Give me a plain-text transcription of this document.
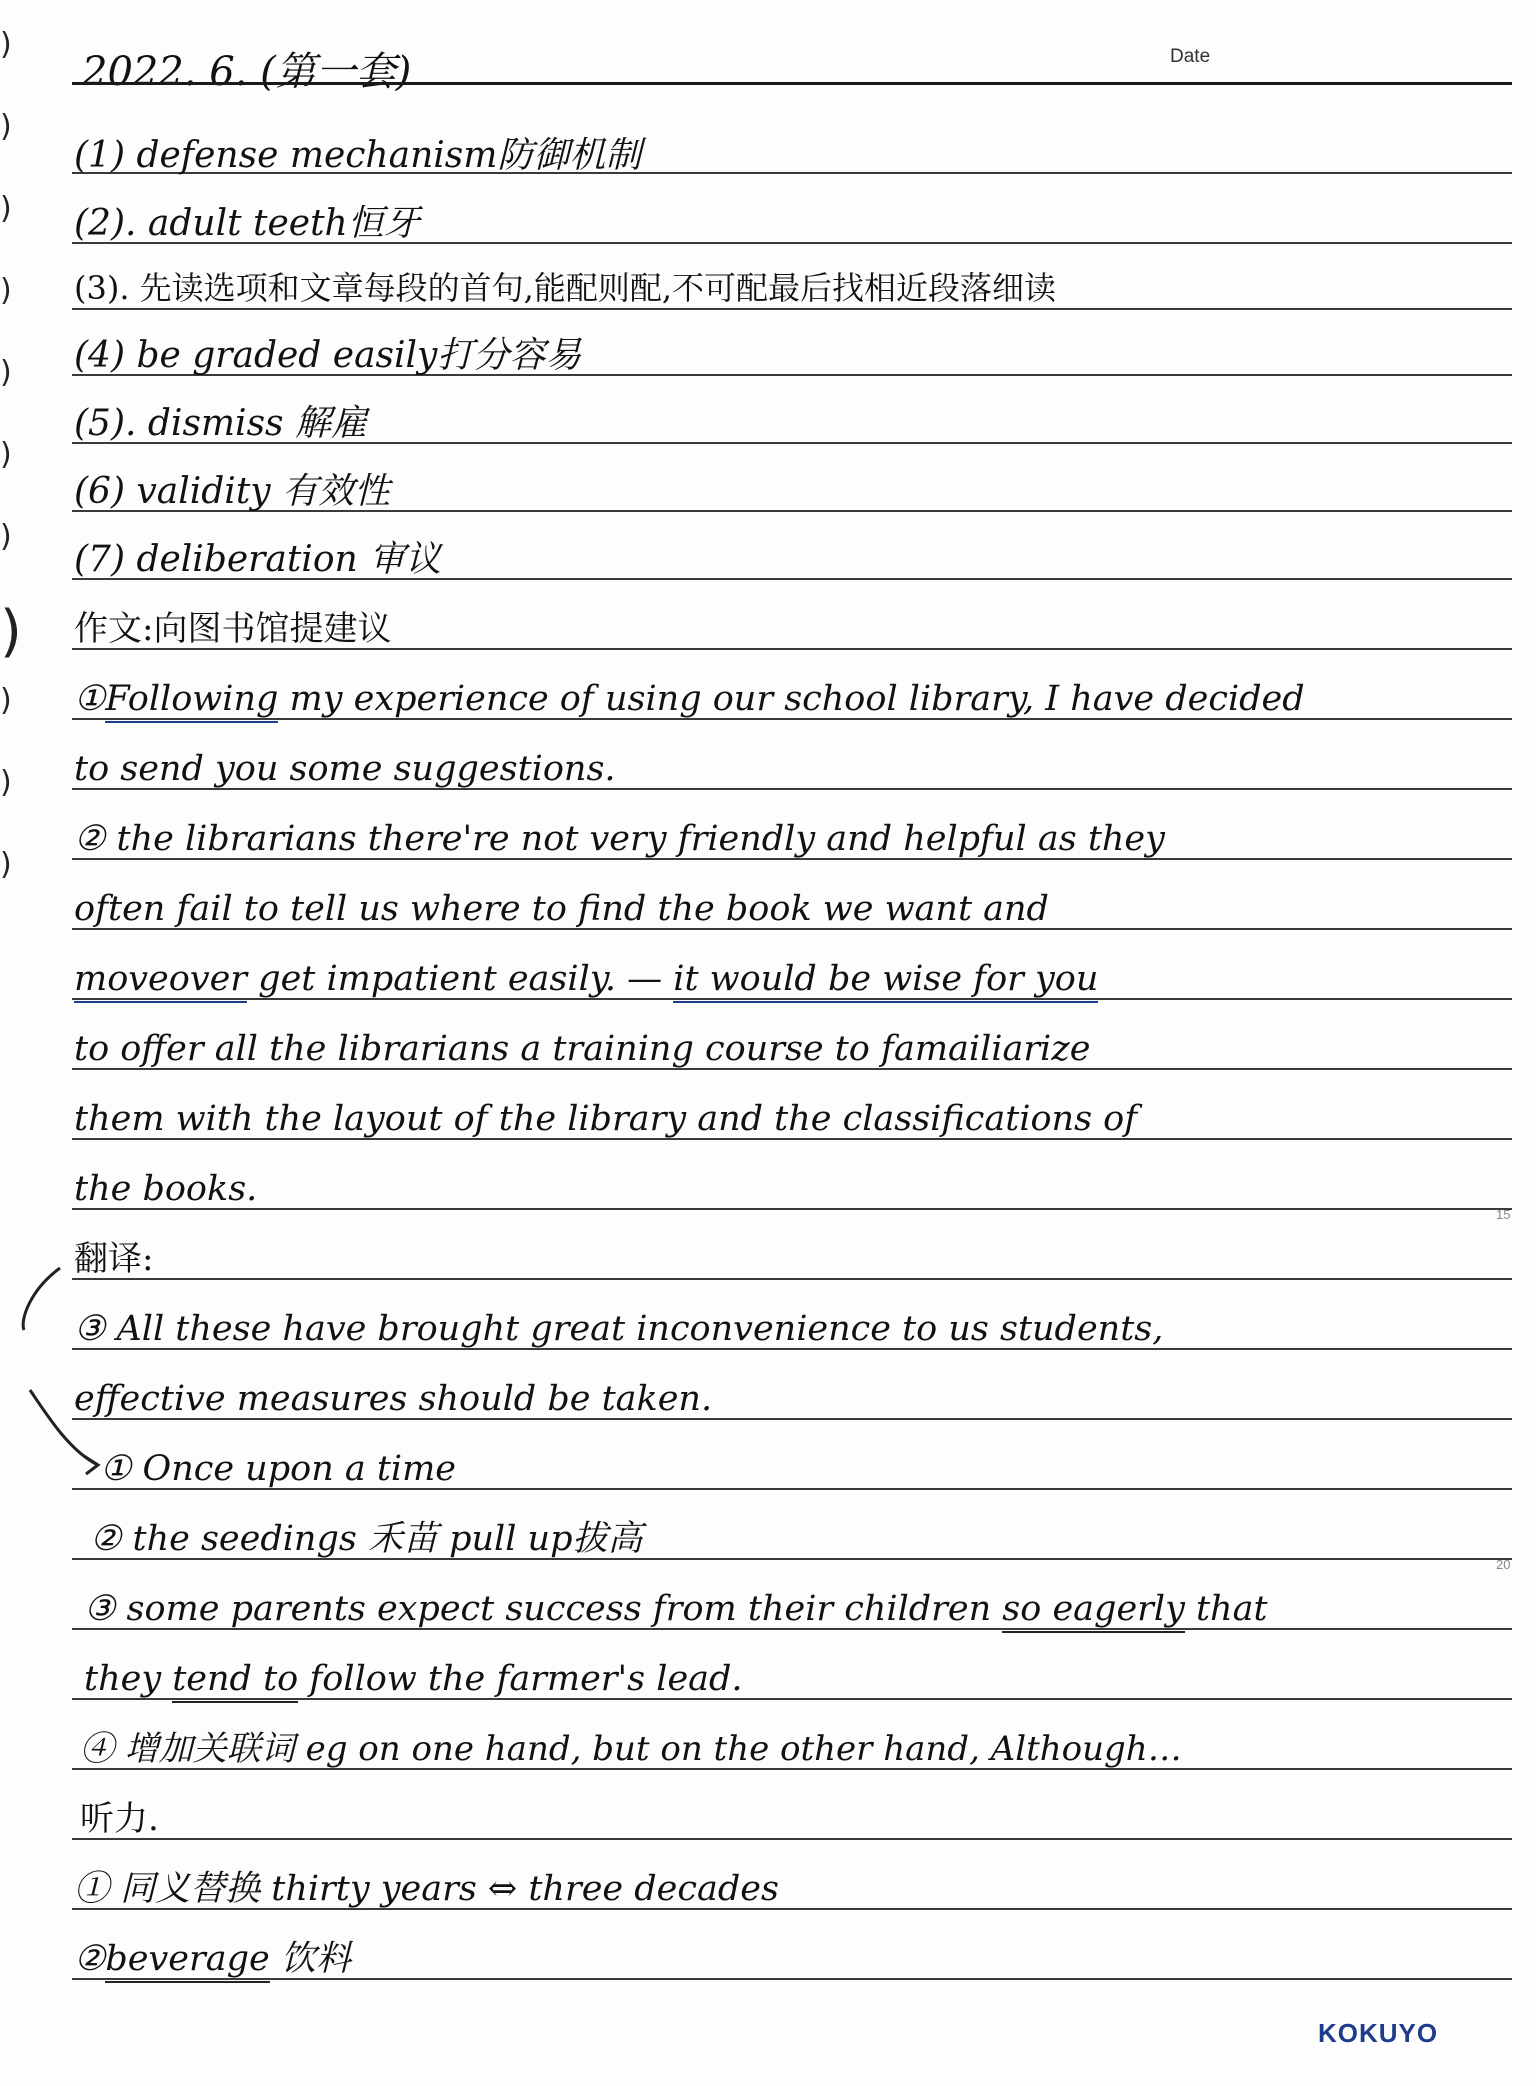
)
)
)
)
)
)
)
)
)
)
)
2022. 6. (第一套)	Date
(1) defense mechanism防御机制
(2). adult teeth恒牙
(3). 先读选项和文章每段的首句,能配则配,不可配最后找相近段落细读
(4) be graded easily打分容易
(5). dismiss 解雇
(6) validity 有效性
(7) deliberation 审议
作文:向图书馆提建议
①Following my experience of using our school library, I have decided
to send you some suggestions.
② the librarians there're not very friendly and helpful as they
often fail to tell us where to find the book we want and
moveover get impatient easily. — it would be wise for you
to offer all the librarians a training course to famailiarize
them with the layout of the library and the classifications of
the books.
翻译:
③ All these have brought great inconvenience to us students,
effective measures should be taken.
① Once upon a time
② the seedings 禾苗 pull up拔高
③ some parents expect success from their children so eagerly that
they tend to follow the farmer's lead.
④ 增加关联词 eg on one hand, but on the other hand, Although…
听力.
① 同义替换 thirty years ⇔ three decades
②beverage 饮料
15
20
KOKUYO
